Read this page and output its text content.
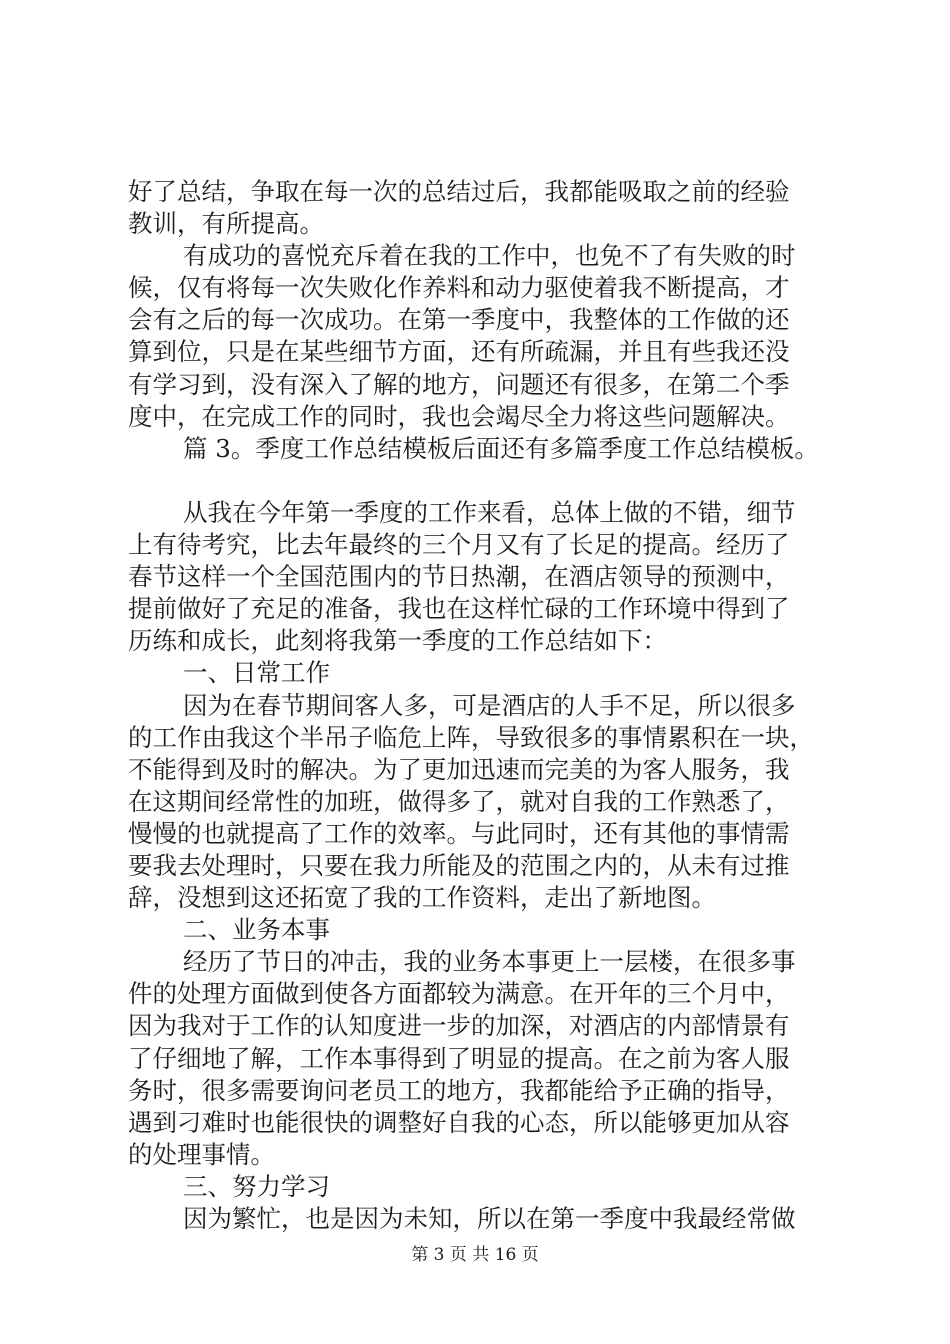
好了总结，争取在每一次的总结过后，我都能吸取之前的经验
教训，有所提高。
有成功的喜悦充斥着在我的工作中，也免不了有失败的时
候，仅有将每一次失败化作养料和动力驱使着我不断提高，才
会有之后的每一次成功。在第一季度中，我整体的工作做的还
算到位，只是在某些细节方面，还有所疏漏，并且有些我还没
有学习到，没有深入了解的地方，问题还有很多，在第二个季
度中，在完成工作的同时，我也会竭尽全力将这些问题解决。
篇 3。季度工作总结模板后面还有多篇季度工作总结模板。
从我在今年第一季度的工作来看，总体上做的不错，细节
上有待考究，比去年最终的三个月又有了长足的提高。经历了
春节这样一个全国范围内的节日热潮，在酒店领导的预测中，
提前做好了充足的准备，我也在这样忙碌的工作环境中得到了
历练和成长，此刻将我第一季度的工作总结如下：
一、日常工作
因为在春节期间客人多，可是酒店的人手不足，所以很多
的工作由我这个半吊子临危上阵，导致很多的事情累积在一块，
不能得到及时的解决。为了更加迅速而完美的为客人服务，我
在这期间经常性的加班，做得多了，就对自我的工作熟悉了，
慢慢的也就提高了工作的效率。与此同时，还有其他的事情需
要我去处理时，只要在我力所能及的范围之内的，从未有过推
辞，没想到这还拓宽了我的工作资料，走出了新地图。
二、业务本事
经历了节日的冲击，我的业务本事更上一层楼，在很多事
件的处理方面做到使各方面都较为满意。在开年的三个月中，
因为我对于工作的认知度进一步的加深，对酒店的内部情景有
了仔细地了解，工作本事得到了明显的提高。在之前为客人服
务时，很多需要询问老员工的地方，我都能给予正确的指导，
遇到刁难时也能很快的调整好自我的心态，所以能够更加从容
的处理事情。
三、努力学习
因为繁忙，也是因为未知，所以在第一季度中我最经常做
第 3 页 共 16 页
